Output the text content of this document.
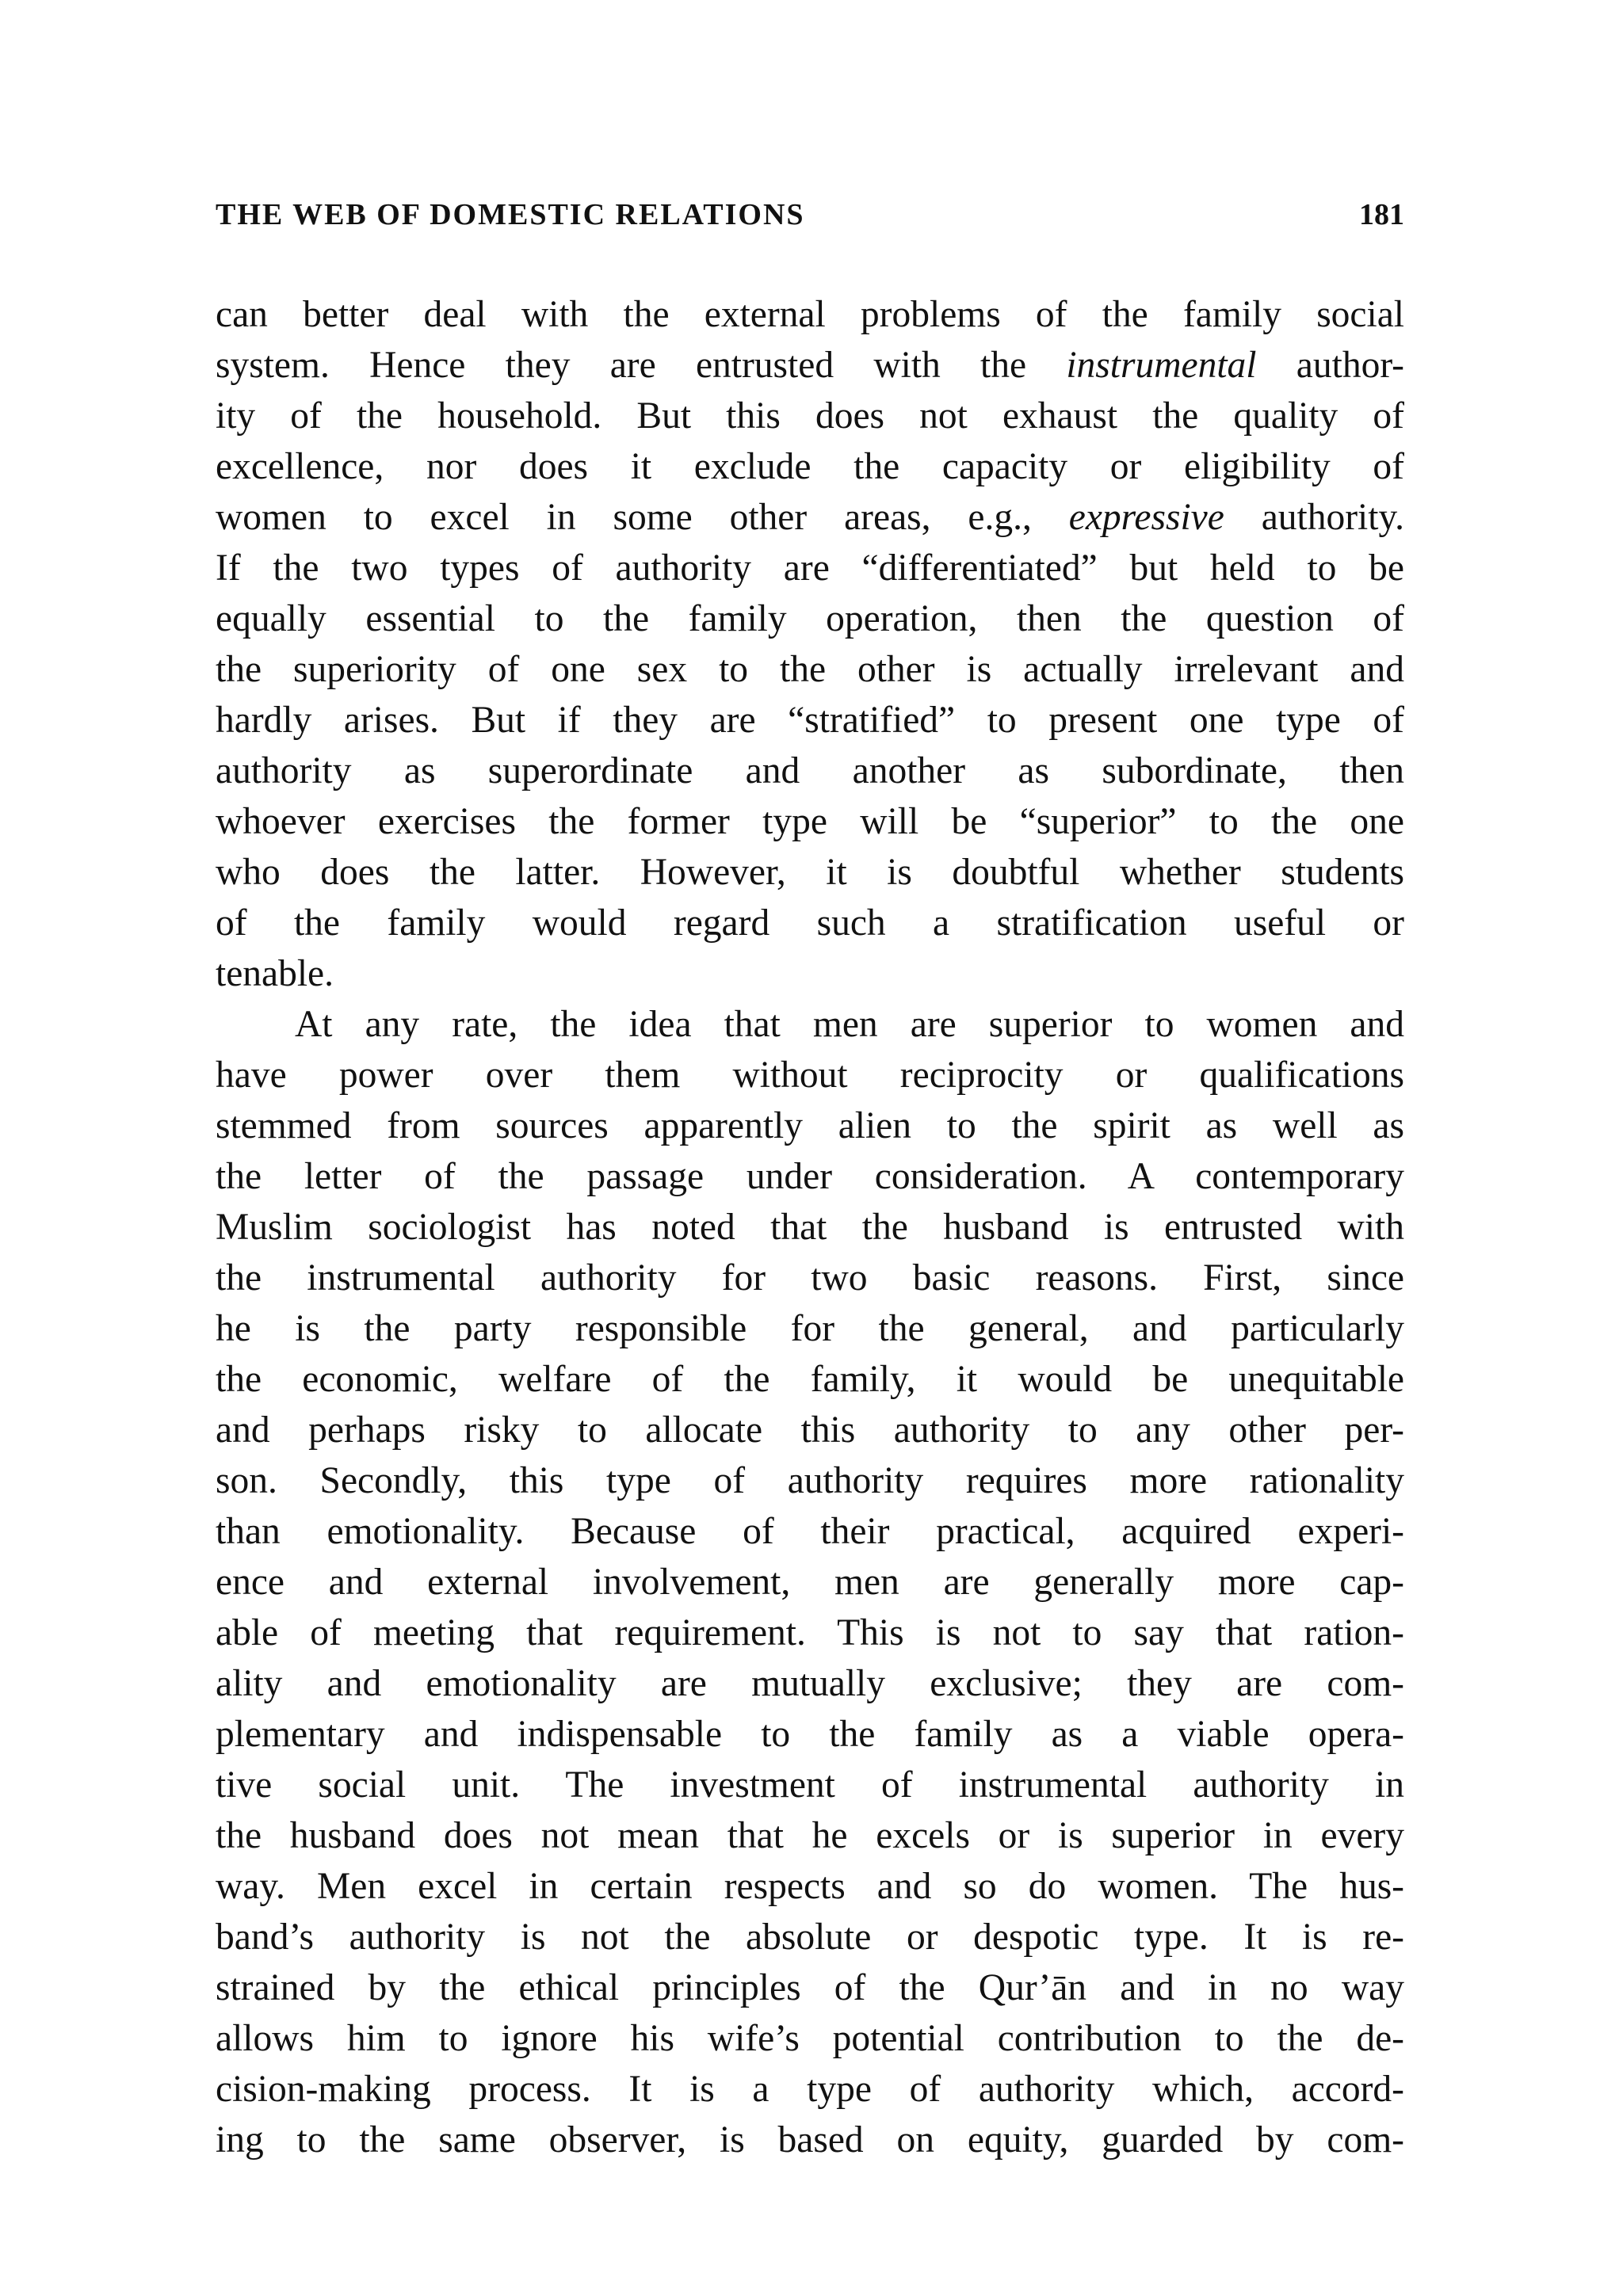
THE WEB OF DOMESTIC RELATIONS	181
can better deal with the external problems of the family social
system. Hence they are entrusted with the instrumental author-
ity of the household. But this does not exhaust the quality of
excellence, nor does it exclude the capacity or eligibility of
women to excel in some other areas, e.g., expressive authority.
If the two types of authority are “differentiated” but held to be
equally essential to the family operation, then the question of
the superiority of one sex to the other is actually irrelevant and
hardly arises. But if they are “stratified” to present one type of
authority as superordinate and another as subordinate, then
whoever exercises the former type will be “superior” to the one
who does the latter. However, it is doubtful whether students
of the family would regard such a stratification useful or
tenable.
At any rate, the idea that men are superior to women and
have power over them without reciprocity or qualifications
stemmed from sources apparently alien to the spirit as well as
the letter of the passage under consideration. A contemporary
Muslim sociologist has noted that the husband is entrusted with
the instrumental authority for two basic reasons. First, since
he is the party responsible for the general, and particularly
the economic, welfare of the family, it would be unequitable
and perhaps risky to allocate this authority to any other per-
son. Secondly, this type of authority requires more rationality
than emotionality. Because of their practical, acquired experi-
ence and external involvement, men are generally more cap-
able of meeting that requirement. This is not to say that ration-
ality and emotionality are mutually exclusive; they are com-
plementary and indispensable to the family as a viable opera-
tive social unit. The investment of instrumental authority in
the husband does not mean that he excels or is superior in every
way. Men excel in certain respects and so do women. The hus-
band’s authority is not the absolute or despotic type. It is re-
strained by the ethical principles of the Qur’ān and in no way
allows him to ignore his wife’s potential contribution to the de-
cision-making process. It is a type of authority which, accord-
ing to the same observer, is based on equity, guarded by com-
